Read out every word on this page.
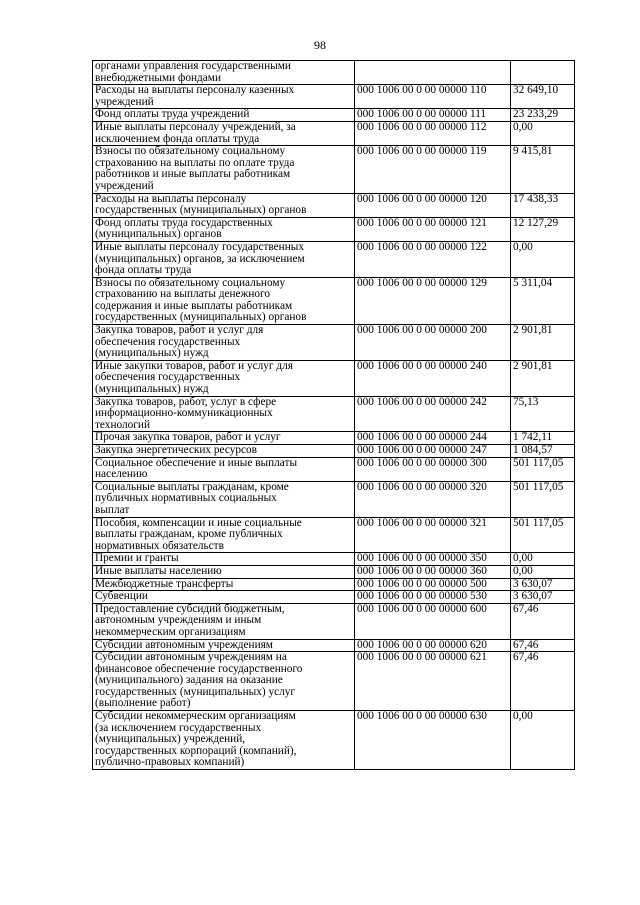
98
органами управления государственными
внебюджетными фондами		
Расходы на выплаты персоналу казенных
учреждений	000 1006 00 0 00 00000 110	32 649,10
Фонд оплаты труда учреждений	000 1006 00 0 00 00000 111	23 233,29
Иные выплаты персоналу учреждений, за
исключением фонда оплаты труда	000 1006 00 0 00 00000 112	0,00
Взносы по обязательному социальному
страхованию на выплаты по оплате труда
работников и иные выплаты работникам
учреждений	000 1006 00 0 00 00000 119	9 415,81
Расходы на выплаты персоналу
государственных (муниципальных) органов	000 1006 00 0 00 00000 120	17 438,33
Фонд оплаты труда государственных
(муниципальных) органов	000 1006 00 0 00 00000 121	12 127,29
Иные выплаты персоналу государственных
(муниципальных) органов, за исключением
фонда оплаты труда	000 1006 00 0 00 00000 122	0,00
Взносы по обязательному социальному
страхованию на выплаты денежного
содержания и иные выплаты работникам
государственных (муниципальных) органов	000 1006 00 0 00 00000 129	5 311,04
Закупка товаров, работ и услуг для
обеспечения государственных
(муниципальных) нужд	000 1006 00 0 00 00000 200	2 901,81
Иные закупки товаров, работ и услуг для
обеспечения государственных
(муниципальных) нужд	000 1006 00 0 00 00000 240	2 901,81
Закупка товаров, работ, услуг в сфере
информационно-коммуникационных
технологий	000 1006 00 0 00 00000 242	75,13
Прочая закупка товаров, работ и услуг	000 1006 00 0 00 00000 244	1 742,11
Закупка энергетических ресурсов	000 1006 00 0 00 00000 247	1 084,57
Социальное обеспечение и иные выплаты
населению	000 1006 00 0 00 00000 300	501 117,05
Социальные выплаты гражданам, кроме
публичных нормативных социальных
выплат	000 1006 00 0 00 00000 320	501 117,05
Пособия, компенсации и иные социальные
выплаты гражданам, кроме публичных
нормативных обязательств	000 1006 00 0 00 00000 321	501 117,05
Премии и гранты	000 1006 00 0 00 00000 350	0,00
Иные выплаты населению	000 1006 00 0 00 00000 360	0,00
Межбюджетные трансферты	000 1006 00 0 00 00000 500	3 630,07
Субвенции	000 1006 00 0 00 00000 530	3 630,07
Предоставление субсидий бюджетным,
автономным учреждениям и иным
некоммерческим организациям	000 1006 00 0 00 00000 600	67,46
Субсидии автономным учреждениям	000 1006 00 0 00 00000 620	67,46
Субсидии автономным учреждениям на
финансовое обеспечение государственного
(муниципального) задания на оказание
государственных (муниципальных) услуг
(выполнение работ)	000 1006 00 0 00 00000 621	67,46
Субсидии некоммерческим организациям
(за исключением государственных
(муниципальных) учреждений,
государственных корпораций (компаний),
публично-правовых компаний)	000 1006 00 0 00 00000 630	0,00
